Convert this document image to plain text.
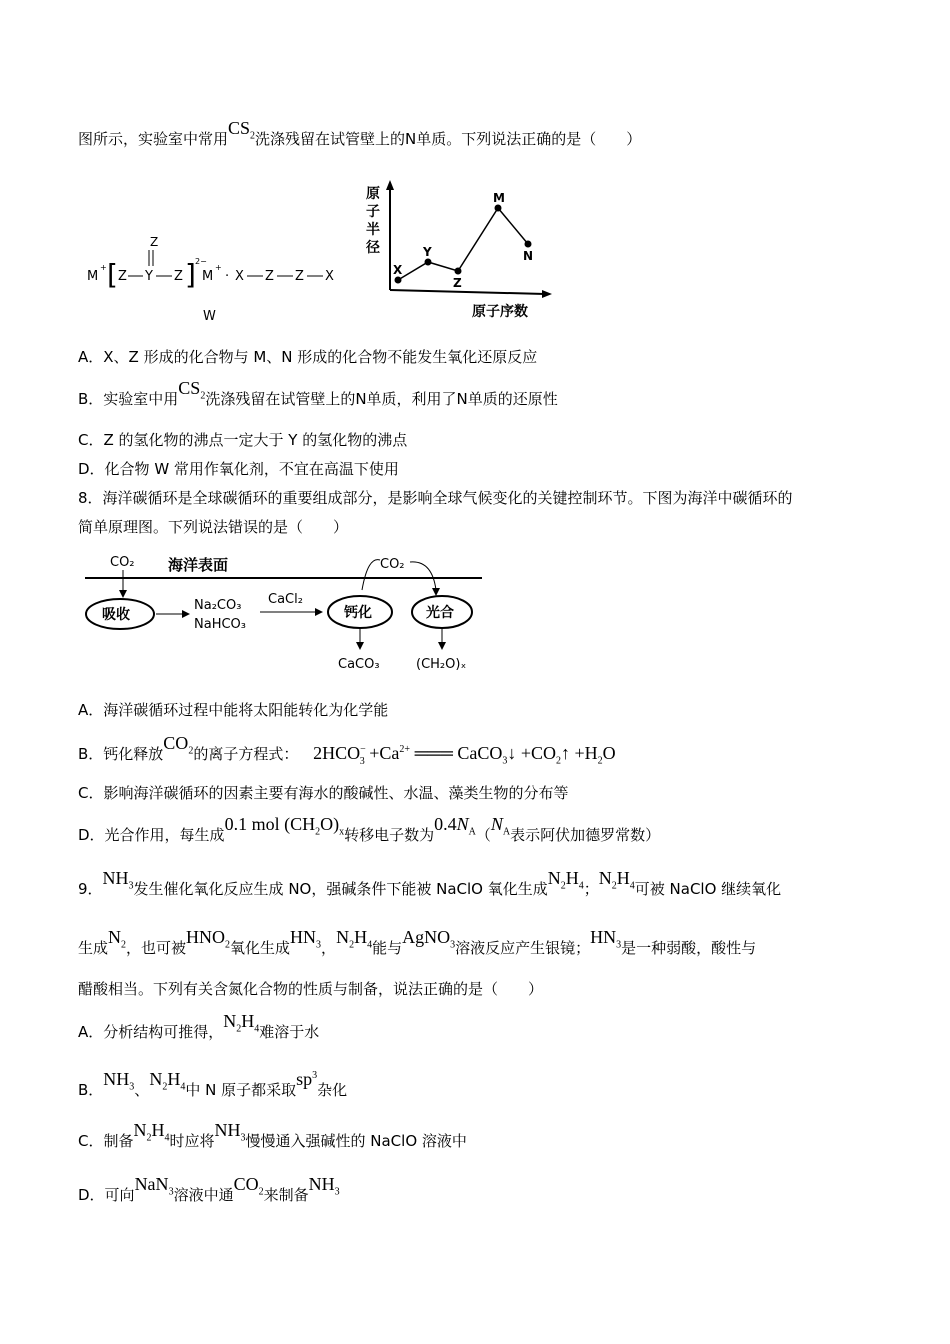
图所示，实验室中常用$CS_2$洗涤残留在试管壁上的N单质。下列说法正确的是（　　）
M
+ [ Z Y Z ] 2−
Z
M
+
· X Z Z X
W
原子半径
原子序数
X
Y
Z
M
N
A．X、Z 形成的化合物与 M、N 形成的化合物不能发生氧化还原反应
B．实验室中用$CS_2$洗涤残留在试管壁上的N单质，利用了N单质的还原性
C．Z 的氢化物的沸点一定大于 Y 的氢化物的沸点
D．化合物 W 常用作氧化剂，不宜在高温下使用
8．海洋碳循环是全球碳循环的重要组成部分，是影响全球气候变化的关键控制环节。下图为海洋中碳循环的
简单原理图。下列说法错误的是（　　）
CO₂ 海洋表面	CO₂
吸收
Na₂CO₃
NaHCO₃
CaCl₂
钙化	光合
CaCO₃	(CH₂O)ₓ
A．海洋碳循环过程中能将太阳能转化为化学能
B．钙化释放$CO_2$的离子方程式： $2HCO^-_3 +Ca^{2+}$ ═══ CaCO$_3$↓ $+CO_2↑ +H_2O$
C．影响海洋碳循环的因素主要有海水的酸碱性、水温、藻类生物的分布等
D．光合作用，每生成0.1 mol $(CH_2O)_x$转移电子数为$0.4N_A(N_A$表示阿伏加德罗常数）
9．$NH_3$发生催化氧化反应生成 NO，强碱条件下能被 NaClO 氧化生成$N_2H_4$；$N_2H_4$可被 NaClO 继续氧化
生成$N_2$，也可被$HNO_2$氧化生成$HN_3$，$N_2H_4$能与AgNO$_3$溶液反应产生银镜；$HN_3$是一种弱酸，酸性与
醋酸相当。下列有关含氮化合物的性质与制备，说法正确的是（　　）
A．分析结构可推得，$N_2H_4$难溶于水
B．$NH_3$、$N_2H_4$中 N 原子都采取$sp^3$杂化
C．制备$N_2H_4$时应将$NH_3$慢慢通入强碱性的 NaClO 溶液中
D．可向NaN$_3$溶液中通$CO_2$来制备$NH_3$
